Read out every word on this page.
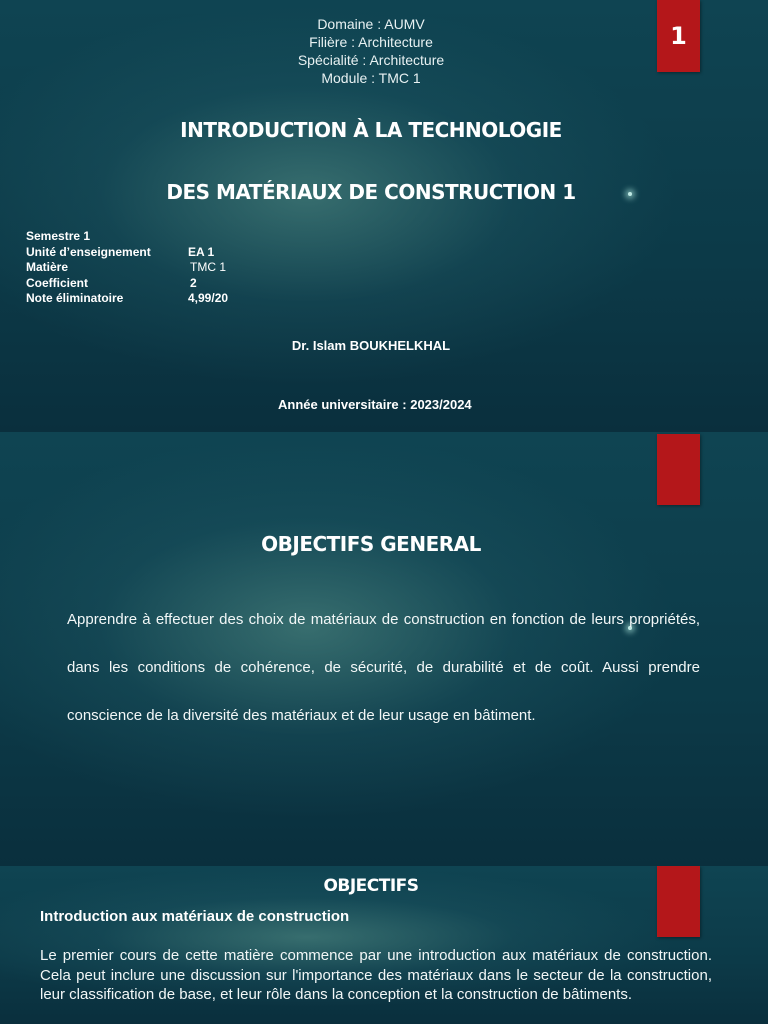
1
Domaine : AUMV
Filière : Architecture
Spécialité : Architecture
Module : TMC 1
INTRODUCTION À LA TECHNOLOGIE
DES MATÉRIAUX DE CONSTRUCTION 1
Semestre 1
Unité d’enseignement	EA 1
Matière	TMC 1
Coefficient	2
Note éliminatoire	4,99/20
Dr. Islam BOUKHELKHAL
Année universitaire : 2023/2024
OBJECTIFS GENERAL
Apprendre à effectuer des choix de matériaux de construction en fonction de leurs propriétés, dans les conditions de cohérence, de sécurité, de durabilité et de coût. Aussi prendre conscience de la diversité des matériaux et de leur usage en bâtiment.
OBJECTIFS
Introduction aux matériaux de construction
Le premier cours de cette matière commence par une introduction aux matériaux de construction. Cela peut inclure une discussion sur l'importance des matériaux dans le secteur de la construction, leur classification de base, et leur rôle dans la conception et la construction de bâtiments.
